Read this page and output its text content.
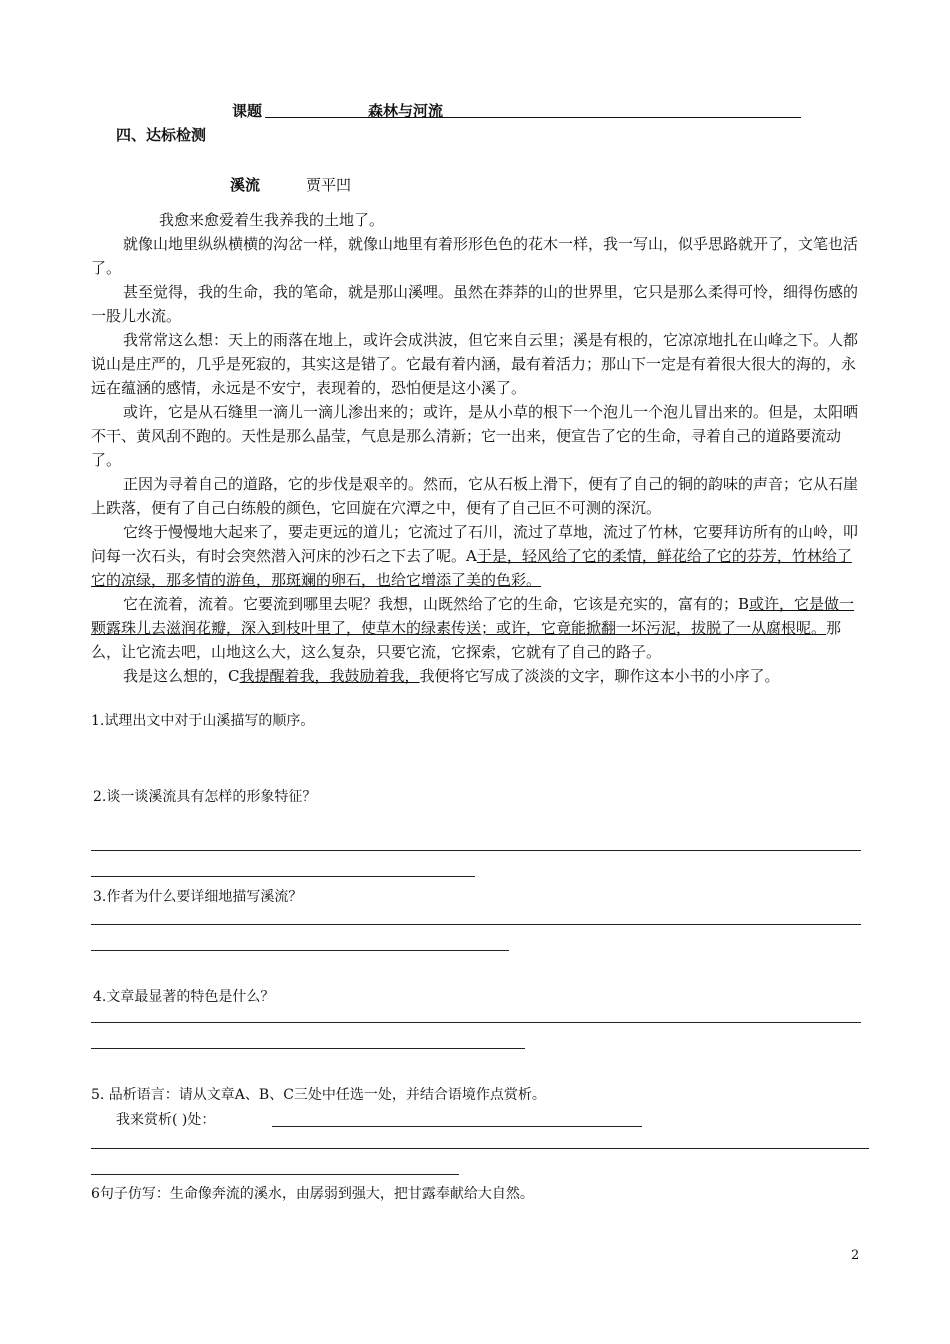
课题	森林与河流
四、达标检测
溪流	贾平凹

我愈来愈爱着生我养我的土地了。

就像山地里纵纵横横的沟岔一样，就像山地里有着形形色色的花木一样，我一写山，似乎思路就开了，文笔也活了。

甚至觉得，我的生命，我的笔命，就是那山溪哩。虽然在莽莽的山的世界里，它只是那么柔得可怜，细得伤感的一股儿水流。

我常常这么想：天上的雨落在地上，或许会成洪波，但它来自云里；溪是有根的，它凉凉地扎在山峰之下。人都说山是庄严的，几乎是死寂的，其实这是错了。它最有着内涵，最有着活力；那山下一定是有着很大很大的海的，永远在蕴涵的感情，永远是不安宁，表现着的，恐怕便是这小溪了。

或许，它是从石缝里一滴儿一滴儿渗出来的；或许，是从小草的根下一个泡儿一个泡儿冒出来的。但是，太阳晒不干、黄风刮不跑的。天性是那么晶莹，气息是那么清新；它一出来，便宣告了它的生命，寻着自己的道路要流动了。

正因为寻着自己的道路，它的步伐是艰辛的。然而，它从石板上滑下，便有了自己的铜的韵味的声音；它从石崖上跌落，便有了自己白练般的颜色，它回旋在穴潭之中，便有了自己叵不可测的深沉。

它终于慢慢地大起来了，要走更远的道儿；它流过了石川，流过了草地，流过了竹林，它要拜访所有的山岭，叩问每一次石头，有时会突然潜入河床的沙石之下去了呢。A于是，轻风给了它的柔情，鲜花给了它的芬芳，竹林给了它的凉绿，那多情的游鱼，那斑斓的卵石，也给它增添了美的色彩。

它在流着，流着。它要流到哪里去呢？我想，山既然给了它的生命，它该是充实的，富有的；B或许，它是做一颗露珠儿去滋润花瓣，深入到枝叶里了，使草木的绿素传送；或许，它竟能掀翻一坏污泥，拔脱了一从腐根呢。那么，让它流去吧，山地这么大，这么复杂，只要它流，它探索，它就有了自己的路子。

我是这么想的，C我提醒着我，我鼓励着我，我便将它写成了淡淡的文字，聊作这本小书的小序了。

1.试理出文中对于山溪描写的顺序。
2.谈一谈溪流具有怎样的形象特征？
3.作者为什么要详细地描写溪流？
4.文章最显著的特色是什么？
5. 品析语言：请从文章A、B、C三处中任选一处，并结合语境作点赏析。
我来赏析( )处：
6句子仿写：生命像奔流的溪水，由孱弱到强大，把甘露奉献给大自然。
2
